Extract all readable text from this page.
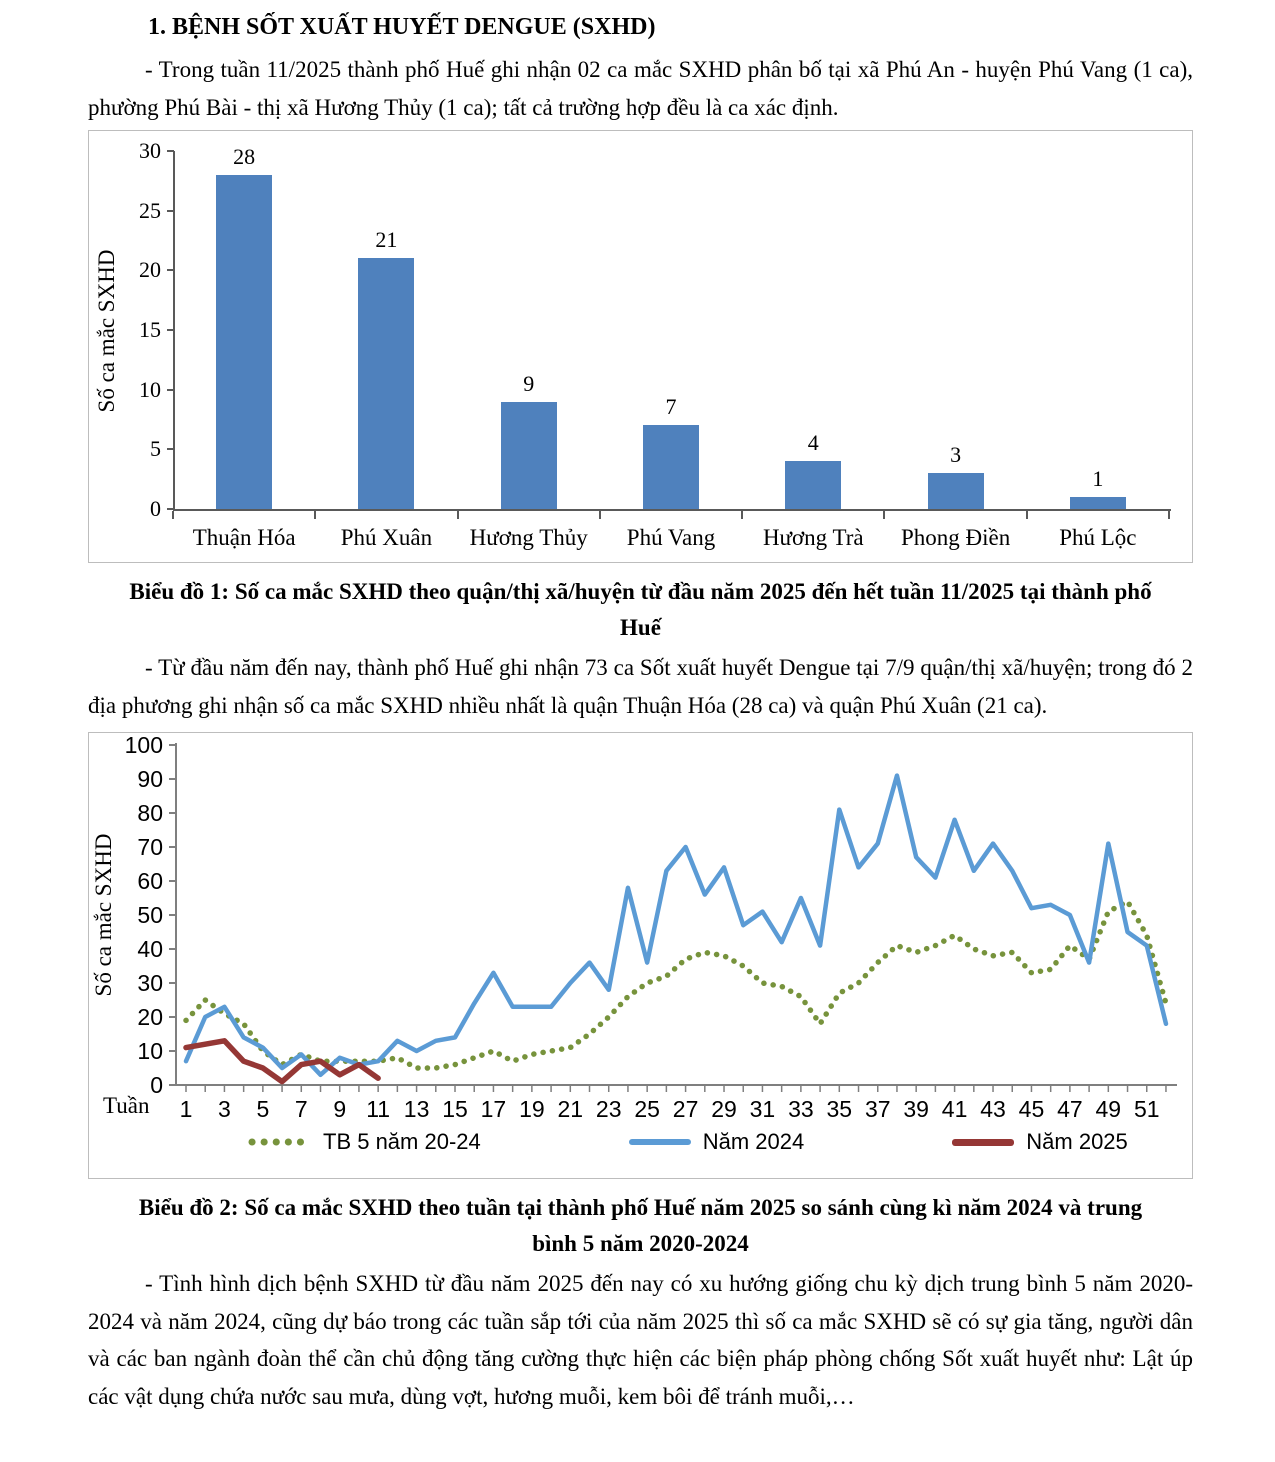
1. BỆNH SỐT XUẤT HUYẾT DENGUE (SXHD)

- Trong tuần 11/2025 thành phố Huế ghi nhận 02 ca mắc SXHD phân bố tại xã Phú An - huyện Phú Vang (1 ca), phường Phú Bài - thị xã Hương Thủy (1 ca); tất cả trường hợp đều là ca xác định.

Số ca mắc SXHD
0
5
10
15
20
25
30	28
Thuận Hóa
21
Phú Xuân
9
Hương Thủy
7
Phú Vang
4
Hương Trà
3
Phong Điền
1
Phú Lộc

Biểu đồ 1: Số ca mắc SXHD theo quận/thị xã/huyện từ đầu năm 2025 đến hết tuần 11/2025 tại thành phố Huế

- Từ đầu năm đến nay, thành phố Huế ghi nhận 73 ca Sốt xuất huyết Dengue tại 7/9 quận/thị xã/huyện; trong đó 2 địa phương ghi nhận số ca mắc SXHD nhiều nhất là quận Thuận Hóa (28 ca) và quận Phú Xuân (21 ca).

Số ca mắc SXHD
0
10
20
30
40
50
60
70
80
90
100
1 3 5 7 9 11 13 15 17 19 21 23 25 27 29 31 33 35 37 39 41 43 45 47 49 51
Tuần
TB 5 năm 20-24	Năm 2024	Năm 2025

Biểu đồ 2: Số ca mắc SXHD theo tuần tại thành phố Huế năm 2025 so sánh cùng kì năm 2024 và trung bình 5 năm 2020-2024

- Tình hình dịch bệnh SXHD từ đầu năm 2025 đến nay có xu hướng giống chu kỳ dịch trung bình 5 năm 2020-2024 và năm 2024, cũng dự báo trong các tuần sắp tới của năm 2025 thì số ca mắc SXHD sẽ có sự gia tăng, người dân và các ban ngành đoàn thể cần chủ động tăng cường thực hiện các biện pháp phòng chống Sốt xuất huyết như: Lật úp các vật dụng chứa nước sau mưa, dùng vợt, hương muỗi, kem bôi để tránh muỗi,…
